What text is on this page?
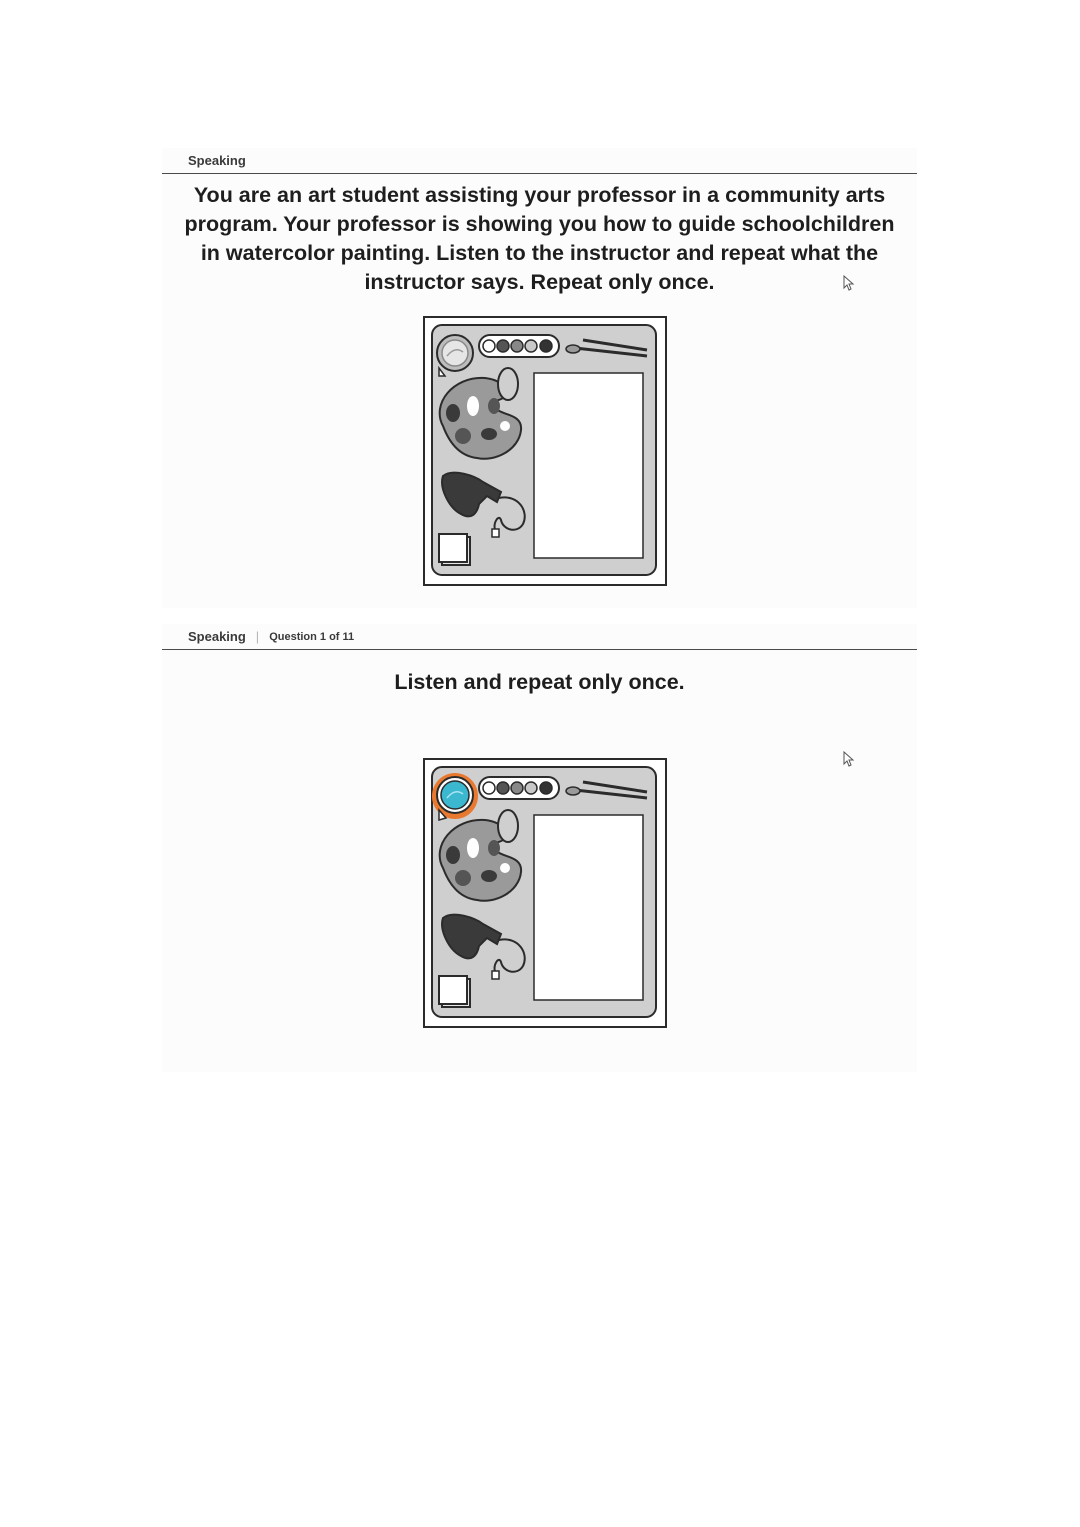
Speaking
You are an art student assisting your professor in a community arts program. Your professor is showing you how to guide schoolchildren in watercolor painting. Listen to the instructor and repeat what the instructor says. Repeat only once.
Speaking | Question 1 of 11
Listen and repeat only once.
